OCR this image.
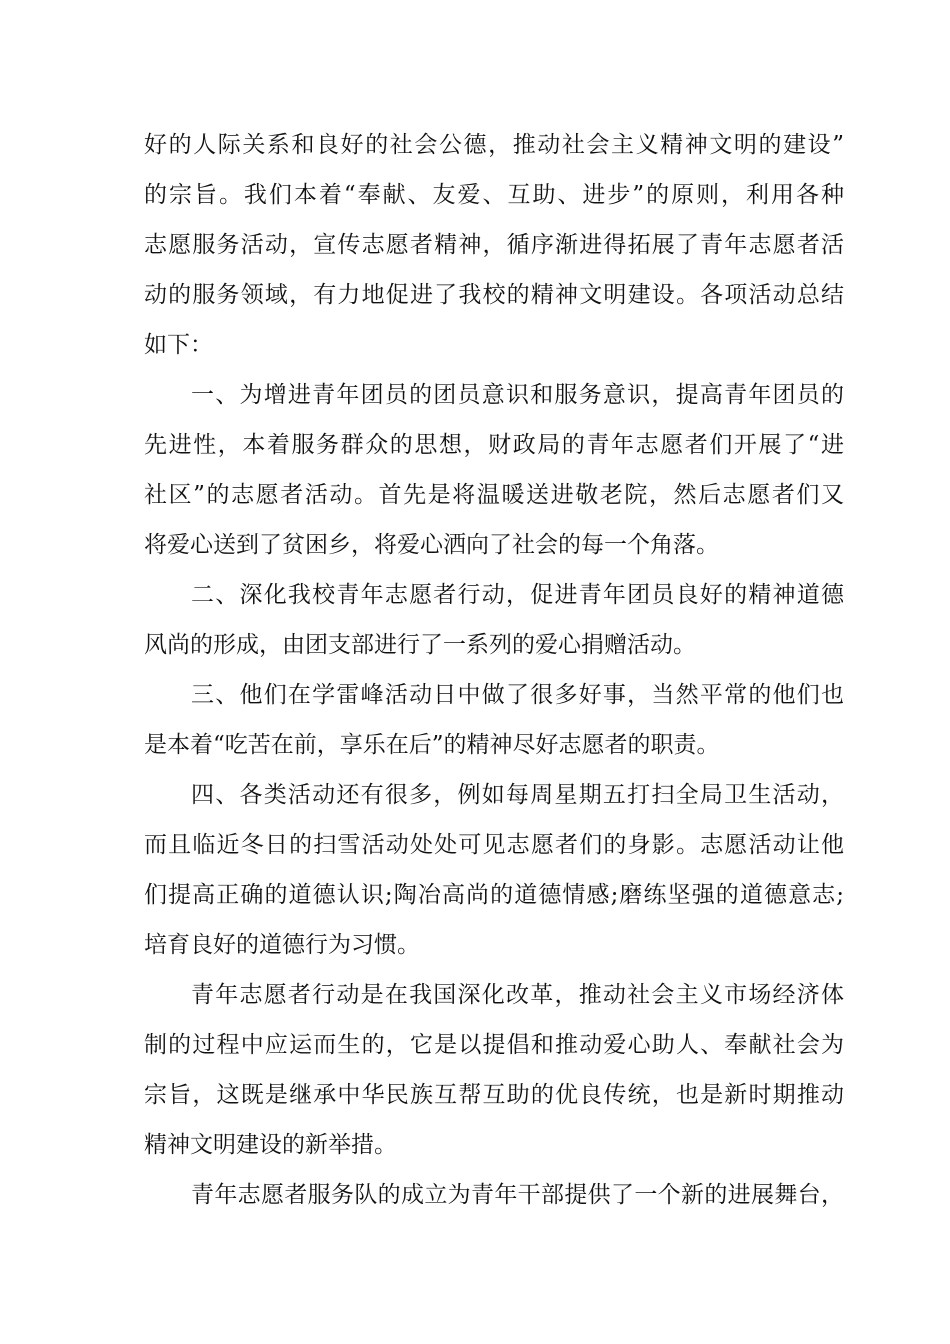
好的人际关系和良好的社会公德，推动社会主义精神文明的建设”
的宗旨。我们本着“奉献、友爱、互助、进步”的原则，利用各种
志愿服务活动，宣传志愿者精神，循序渐进得拓展了青年志愿者活
动的服务领域，有力地促进了我校的精神文明建设。各项活动总结
如下：
一、为增进青年团员的团员意识和服务意识，提高青年团员的
先进性，本着服务群众的思想，财政局的青年志愿者们开展了“进
社区”的志愿者活动。首先是将温暖送进敬老院，然后志愿者们又
将爱心送到了贫困乡，将爱心洒向了社会的每一个角落。
二、深化我校青年志愿者行动，促进青年团员良好的精神道德
风尚的形成，由团支部进行了一系列的爱心捐赠活动。
三、他们在学雷峰活动日中做了很多好事，当然平常的他们也
是本着“吃苦在前，享乐在后”的精神尽好志愿者的职责。
四、各类活动还有很多，例如每周星期五打扫全局卫生活动，
而且临近冬日的扫雪活动处处可见志愿者们的身影。志愿活动让他
们提高正确的道德认识;陶冶高尚的道德情感;磨练坚强的道德意志;
培育良好的道德行为习惯。
青年志愿者行动是在我国深化改革，推动社会主义市场经济体
制的过程中应运而生的，它是以提倡和推动爱心助人、奉献社会为
宗旨，这既是继承中华民族互帮互助的优良传统，也是新时期推动
精神文明建设的新举措。
青年志愿者服务队的成立为青年干部提供了一个新的进展舞台，
